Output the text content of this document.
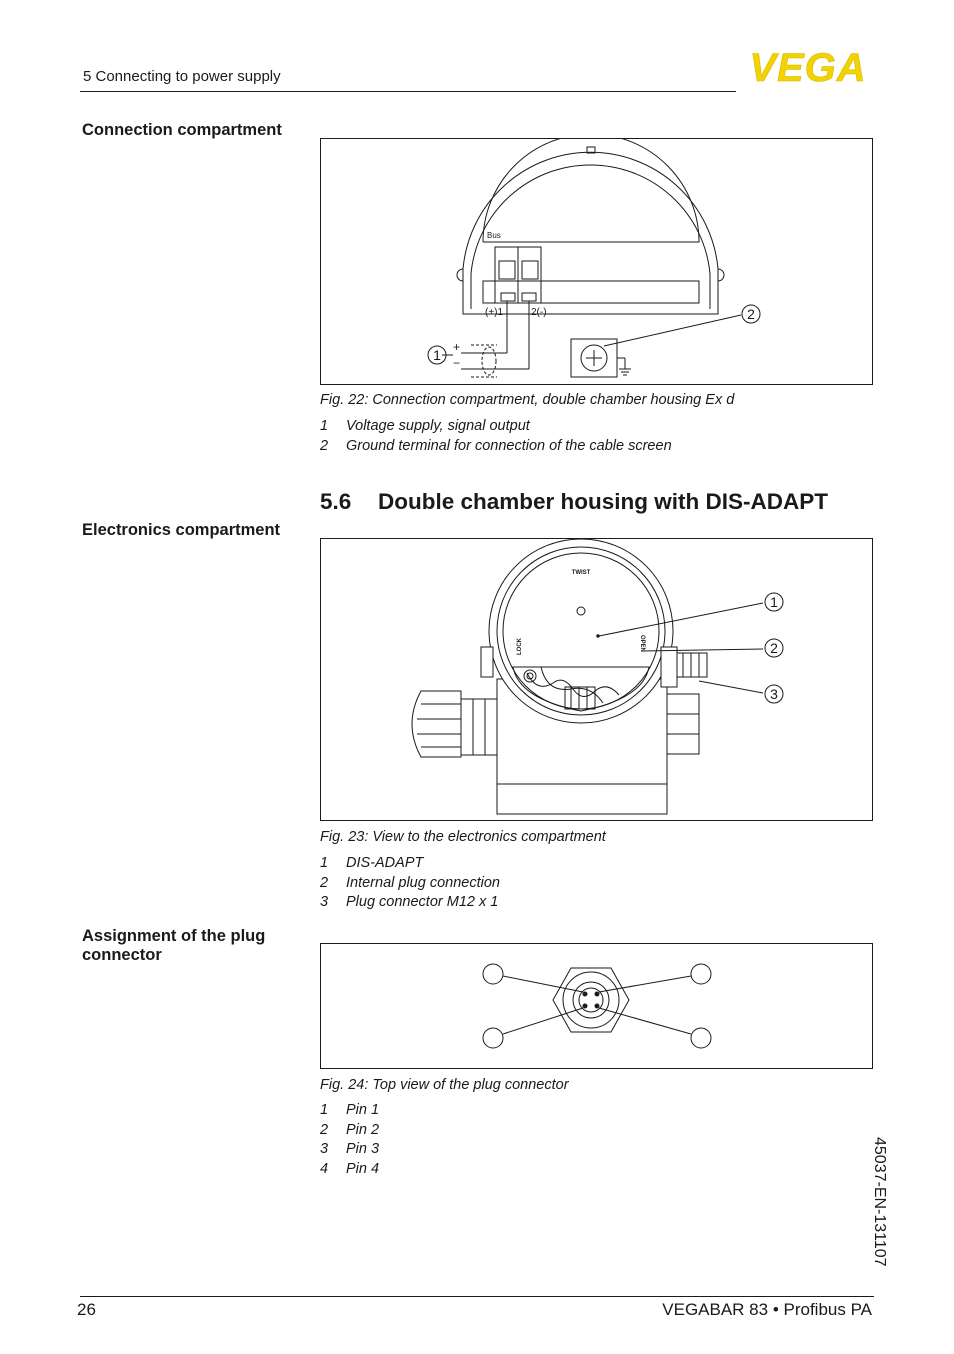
5 Connecting to power supply	VEGA
Connection compartment
Electronics compartment
Assignment of the plug connector
Bus
(+)1	2(-)
+
−
1
2
Fig. 22: Connection compartment, double chamber housing Ex d
1	Voltage supply, signal output
2	Ground terminal for connection of the cable screen
5.6 Double chamber housing with DIS-ADAPT
TWIST
LOCK	OPEN
1
2
3
Fig. 23: View to the electronics compartment
1	DIS-ADAPT
2	Internal plug connection
3	Plug connector M12 x 1
Fig. 24: Top view of the plug connector
1	Pin 1
2	Pin 2
3	Pin 3
4	Pin 4	45037-EN-131107
26	VEGABAR 83 • Profibus PA
